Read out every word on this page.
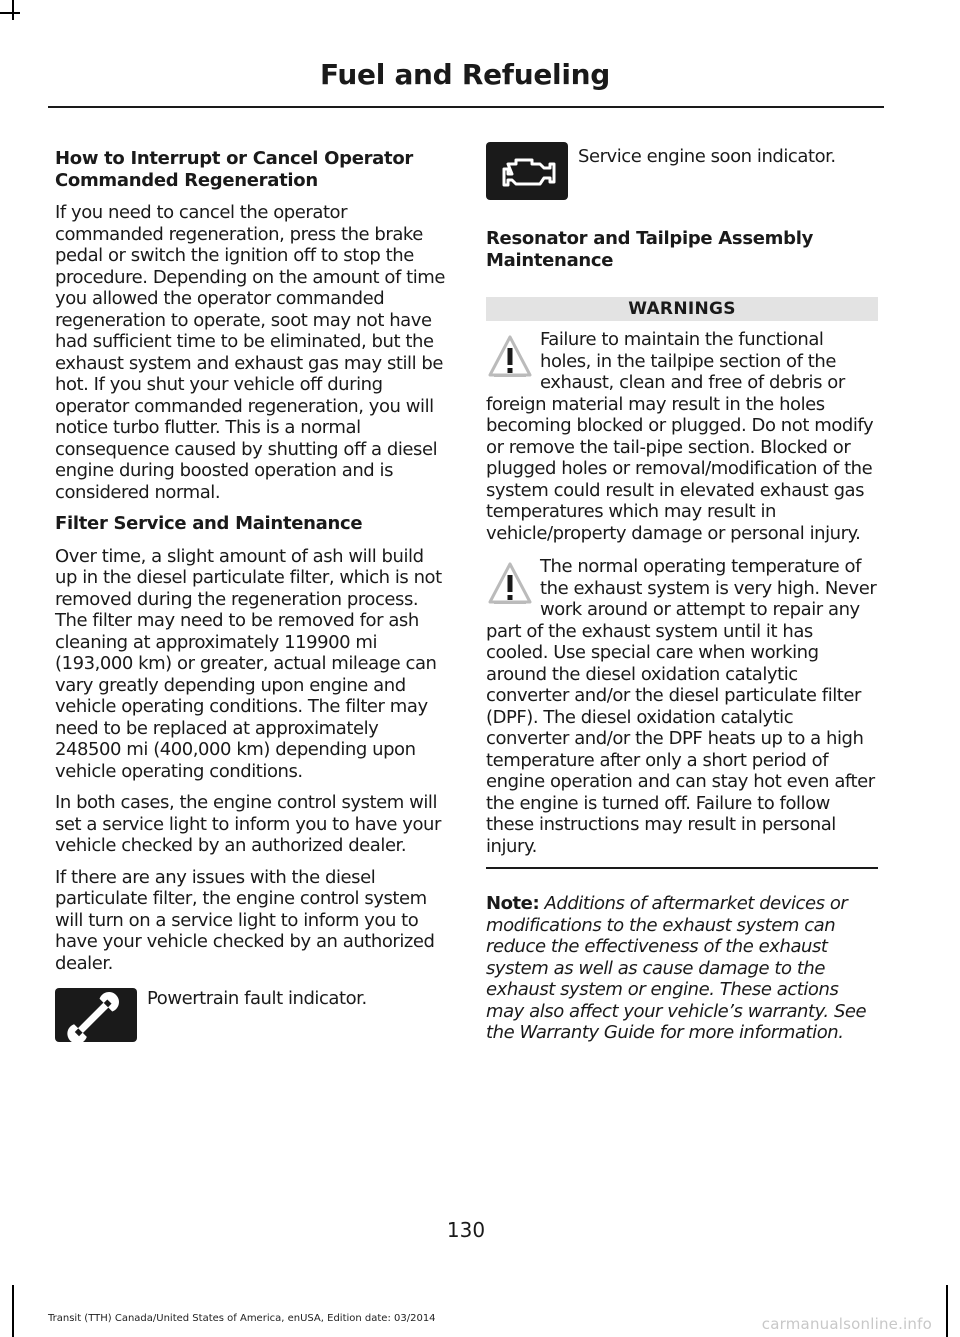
Fuel and Refueling
How to Interrupt or Cancel Operator Commanded Regeneration

If you need to cancel the operator commanded regeneration, press the brake pedal or switch the ignition off to stop the procedure. Depending on the amount of time you allowed the operator commanded regeneration to operate, soot may not have had sufficient time to be eliminated, but the exhaust system and exhaust gas may still be hot. If you shut your vehicle off during operator commanded regeneration, you will notice turbo flutter. This is a normal consequence caused by shutting off a diesel engine during boosted operation and is considered normal.

Filter Service and Maintenance

Over time, a slight amount of ash will build up in the diesel particulate filter, which is not removed during the regeneration process. The filter may need to be removed for ash cleaning at approximately 119900 mi (193,000 km) or greater, actual mileage can vary greatly depending upon engine and vehicle operating conditions. The filter may need to be replaced at approximately 248500 mi (400,000 km) depending upon vehicle operating conditions.

In both cases, the engine control system will set a service light to inform you to have your vehicle checked by an authorized dealer.

If there are any issues with the diesel particulate filter, the engine control system will turn on a service light to inform you to have your vehicle checked by an authorized dealer.

Powertrain fault indicator.
Service engine soon indicator.
Resonator and Tailpipe Assembly Maintenance
WARNINGS
Failure to maintain the functional holes, in the tailpipe section of the exhaust, clean and free of debris or foreign material may result in the holes becoming blocked or plugged. Do not modify or remove the tail-pipe section. Blocked or plugged holes or removal/modification of the system could result in elevated exhaust gas temperatures which may result in vehicle/property damage or personal injury.
The normal operating temperature of the exhaust system is very high. Never work around or attempt to repair any part of the exhaust system until it has cooled. Use special care when working around the diesel oxidation catalytic converter and/or the diesel particulate filter (DPF). The diesel oxidation catalytic converter and/or the DPF heats up to a high temperature after only a short period of engine operation and can stay hot even after the engine is turned off. Failure to follow these instructions may result in personal injury.
Note: Additions of aftermarket devices or modifications to the exhaust system can reduce the effectiveness of the exhaust system as well as cause damage to the exhaust system or engine. These actions may also affect your vehicle’s warranty. See the Warranty Guide for more information.
130
Transit (TTH) Canada/United States of America, enUSA, Edition date: 03/2014	carmanualsonline.info
